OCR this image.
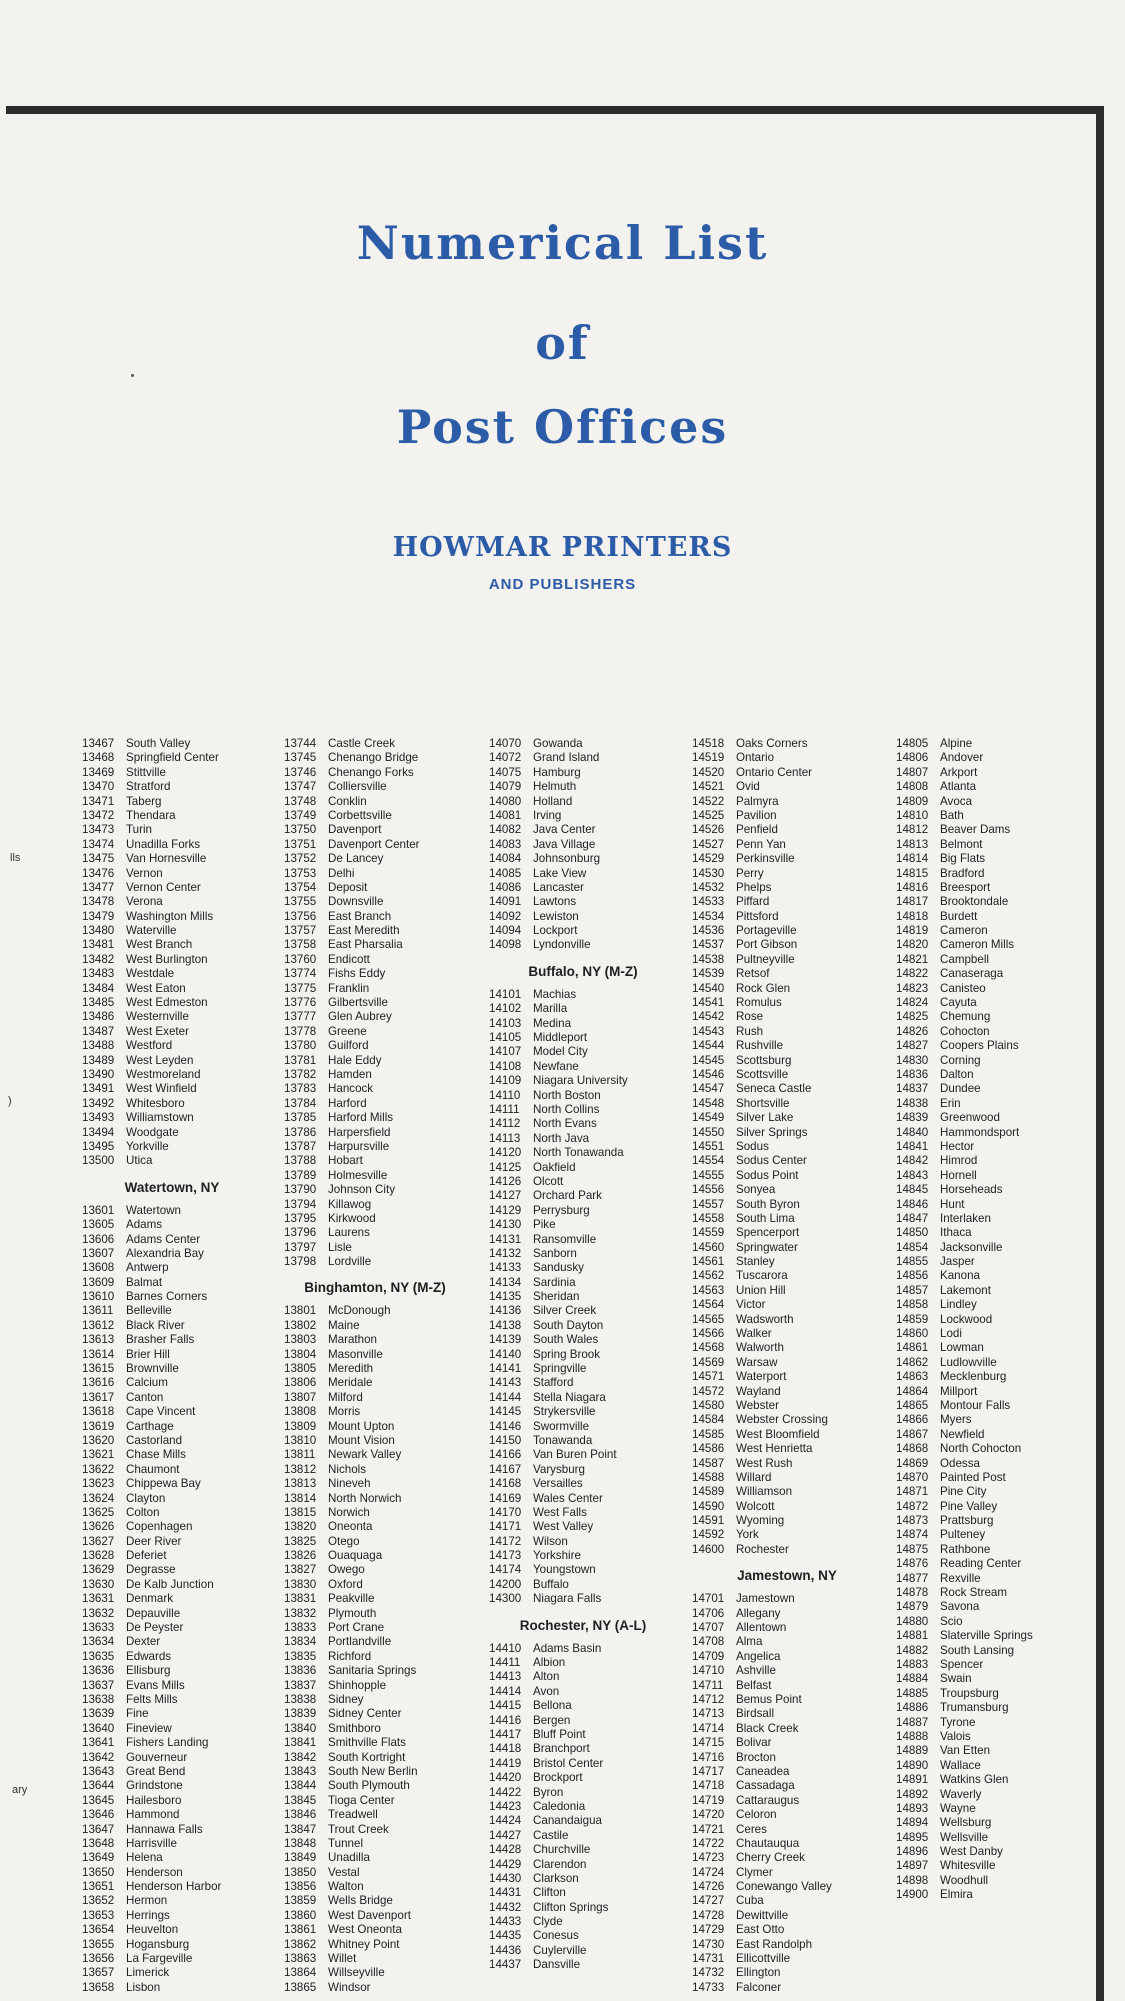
lls
)
ary
Numerical List
of
Post Offices
HOWMAR PRINTERS
AND PUBLISHERS
13467	South Valley
13468	Springfield Center
13469	Stittville
13470	Stratford
13471	Taberg
13472	Thendara
13473	Turin
13474	Unadilla Forks
13475	Van Hornesville
13476	Vernon
13477	Vernon Center
13478	Verona
13479	Washington Mills
13480	Waterville
13481	West Branch
13482	West Burlington
13483	Westdale
13484	West Eaton
13485	West Edmeston
13486	Westernville
13487	West Exeter
13488	Westford
13489	West Leyden
13490	Westmoreland
13491	West Winfield
13492	Whitesboro
13493	Williamstown
13494	Woodgate
13495	Yorkville
13500	Utica
Watertown, NY
13601	Watertown
13605	Adams
13606	Adams Center
13607	Alexandria Bay
13608	Antwerp
13609	Balmat
13610	Barnes Corners
13611	Belleville
13612	Black River
13613	Brasher Falls
13614	Brier Hill
13615	Brownville
13616	Calcium
13617	Canton
13618	Cape Vincent
13619	Carthage
13620	Castorland
13621	Chase Mills
13622	Chaumont
13623	Chippewa Bay
13624	Clayton
13625	Colton
13626	Copenhagen
13627	Deer River
13628	Deferiet
13629	Degrasse
13630	De Kalb Junction
13631	Denmark
13632	Depauville
13633	De Peyster
13634	Dexter
13635	Edwards
13636	Ellisburg
13637	Evans Mills
13638	Felts Mills
13639	Fine
13640	Fineview
13641	Fishers Landing
13642	Gouverneur
13643	Great Bend
13644	Grindstone
13645	Hailesboro
13646	Hammond
13647	Hannawa Falls
13648	Harrisville
13649	Helena
13650	Henderson
13651	Henderson Harbor
13652	Hermon
13653	Herrings
13654	Heuvelton
13655	Hogansburg
13656	La Fargeville
13657	Limerick
13658	Lisbon
13744	Castle Creek
13745	Chenango Bridge
13746	Chenango Forks
13747	Colliersville
13748	Conklin
13749	Corbettsville
13750	Davenport
13751	Davenport Center
13752	De Lancey
13753	Delhi
13754	Deposit
13755	Downsville
13756	East Branch
13757	East Meredith
13758	East Pharsalia
13760	Endicott
13774	Fishs Eddy
13775	Franklin
13776	Gilbertsville
13777	Glen Aubrey
13778	Greene
13780	Guilford
13781	Hale Eddy
13782	Hamden
13783	Hancock
13784	Harford
13785	Harford Mills
13786	Harpersfield
13787	Harpursville
13788	Hobart
13789	Holmesville
13790	Johnson City
13794	Killawog
13795	Kirkwood
13796	Laurens
13797	Lisle
13798	Lordville
Binghamton, NY (M-Z)
13801	McDonough
13802	Maine
13803	Marathon
13804	Masonville
13805	Meredith
13806	Meridale
13807	Milford
13808	Morris
13809	Mount Upton
13810	Mount Vision
13811	Newark Valley
13812	Nichols
13813	Nineveh
13814	North Norwich
13815	Norwich
13820	Oneonta
13825	Otego
13826	Ouaquaga
13827	Owego
13830	Oxford
13831	Peakville
13832	Plymouth
13833	Port Crane
13834	Portlandville
13835	Richford
13836	Sanitaria Springs
13837	Shinhopple
13838	Sidney
13839	Sidney Center
13840	Smithboro
13841	Smithville Flats
13842	South Kortright
13843	South New Berlin
13844	South Plymouth
13845	Tioga Center
13846	Treadwell
13847	Trout Creek
13848	Tunnel
13849	Unadilla
13850	Vestal
13856	Walton
13859	Wells Bridge
13860	West Davenport
13861	West Oneonta
13862	Whitney Point
13863	Willet
13864	Willseyville
13865	Windsor
14070	Gowanda
14072	Grand Island
14075	Hamburg
14079	Helmuth
14080	Holland
14081	Irving
14082	Java Center
14083	Java Village
14084	Johnsonburg
14085	Lake View
14086	Lancaster
14091	Lawtons
14092	Lewiston
14094	Lockport
14098	Lyndonville
Buffalo, NY (M-Z)
14101	Machias
14102	Marilla
14103	Medina
14105	Middleport
14107	Model City
14108	Newfane
14109	Niagara University
14110	North Boston
14111	North Collins
14112	North Evans
14113	North Java
14120	North Tonawanda
14125	Oakfield
14126	Olcott
14127	Orchard Park
14129	Perrysburg
14130	Pike
14131	Ransomville
14132	Sanborn
14133	Sandusky
14134	Sardinia
14135	Sheridan
14136	Silver Creek
14138	South Dayton
14139	South Wales
14140	Spring Brook
14141	Springville
14143	Stafford
14144	Stella Niagara
14145	Strykersville
14146	Swormville
14150	Tonawanda
14166	Van Buren Point
14167	Varysburg
14168	Versailles
14169	Wales Center
14170	West Falls
14171	West Valley
14172	Wilson
14173	Yorkshire
14174	Youngstown
14200	Buffalo
14300	Niagara Falls
Rochester, NY (A-L)
14410	Adams Basin
14411	Albion
14413	Alton
14414	Avon
14415	Bellona
14416	Bergen
14417	Bluff Point
14418	Branchport
14419	Bristol Center
14420	Brockport
14422	Byron
14423	Caledonia
14424	Canandaigua
14427	Castile
14428	Churchville
14429	Clarendon
14430	Clarkson
14431	Clifton
14432	Clifton Springs
14433	Clyde
14435	Conesus
14436	Cuylerville
14437	Dansville
14518	Oaks Corners
14519	Ontario
14520	Ontario Center
14521	Ovid
14522	Palmyra
14525	Pavilion
14526	Penfield
14527	Penn Yan
14529	Perkinsville
14530	Perry
14532	Phelps
14533	Piffard
14534	Pittsford
14536	Portageville
14537	Port Gibson
14538	Pultneyville
14539	Retsof
14540	Rock Glen
14541	Romulus
14542	Rose
14543	Rush
14544	Rushville
14545	Scottsburg
14546	Scottsville
14547	Seneca Castle
14548	Shortsville
14549	Silver Lake
14550	Silver Springs
14551	Sodus
14554	Sodus Center
14555	Sodus Point
14556	Sonyea
14557	South Byron
14558	South Lima
14559	Spencerport
14560	Springwater
14561	Stanley
14562	Tuscarora
14563	Union Hill
14564	Victor
14565	Wadsworth
14566	Walker
14568	Walworth
14569	Warsaw
14571	Waterport
14572	Wayland
14580	Webster
14584	Webster Crossing
14585	West Bloomfield
14586	West Henrietta
14587	West Rush
14588	Willard
14589	Williamson
14590	Wolcott
14591	Wyoming
14592	York
14600	Rochester
Jamestown, NY
14701	Jamestown
14706	Allegany
14707	Allentown
14708	Alma
14709	Angelica
14710	Ashville
14711	Belfast
14712	Bemus Point
14713	Birdsall
14714	Black Creek
14715	Bolivar
14716	Brocton
14717	Caneadea
14718	Cassadaga
14719	Cattaraugus
14720	Celoron
14721	Ceres
14722	Chautauqua
14723	Cherry Creek
14724	Clymer
14726	Conewango Valley
14727	Cuba
14728	Dewittville
14729	East Otto
14730	East Randolph
14731	Ellicottville
14732	Ellington
14733	Falconer
14805	Alpine
14806	Andover
14807	Arkport
14808	Atlanta
14809	Avoca
14810	Bath
14812	Beaver Dams
14813	Belmont
14814	Big Flats
14815	Bradford
14816	Breesport
14817	Brooktondale
14818	Burdett
14819	Cameron
14820	Cameron Mills
14821	Campbell
14822	Canaseraga
14823	Canisteo
14824	Cayuta
14825	Chemung
14826	Cohocton
14827	Coopers Plains
14830	Corning
14836	Dalton
14837	Dundee
14838	Erin
14839	Greenwood
14840	Hammondsport
14841	Hector
14842	Himrod
14843	Hornell
14845	Horseheads
14846	Hunt
14847	Interlaken
14850	Ithaca
14854	Jacksonville
14855	Jasper
14856	Kanona
14857	Lakemont
14858	Lindley
14859	Lockwood
14860	Lodi
14861	Lowman
14862	Ludlowville
14863	Mecklenburg
14864	Millport
14865	Montour Falls
14866	Myers
14867	Newfield
14868	North Cohocton
14869	Odessa
14870	Painted Post
14871	Pine City
14872	Pine Valley
14873	Prattsburg
14874	Pulteney
14875	Rathbone
14876	Reading Center
14877	Rexville
14878	Rock Stream
14879	Savona
14880	Scio
14881	Slaterville Springs
14882	South Lansing
14883	Spencer
14884	Swain
14885	Troupsburg
14886	Trumansburg
14887	Tyrone
14888	Valois
14889	Van Etten
14890	Wallace
14891	Watkins Glen
14892	Waverly
14893	Wayne
14894	Wellsburg
14895	Wellsville
14896	West Danby
14897	Whitesville
14898	Woodhull
14900	Elmira
